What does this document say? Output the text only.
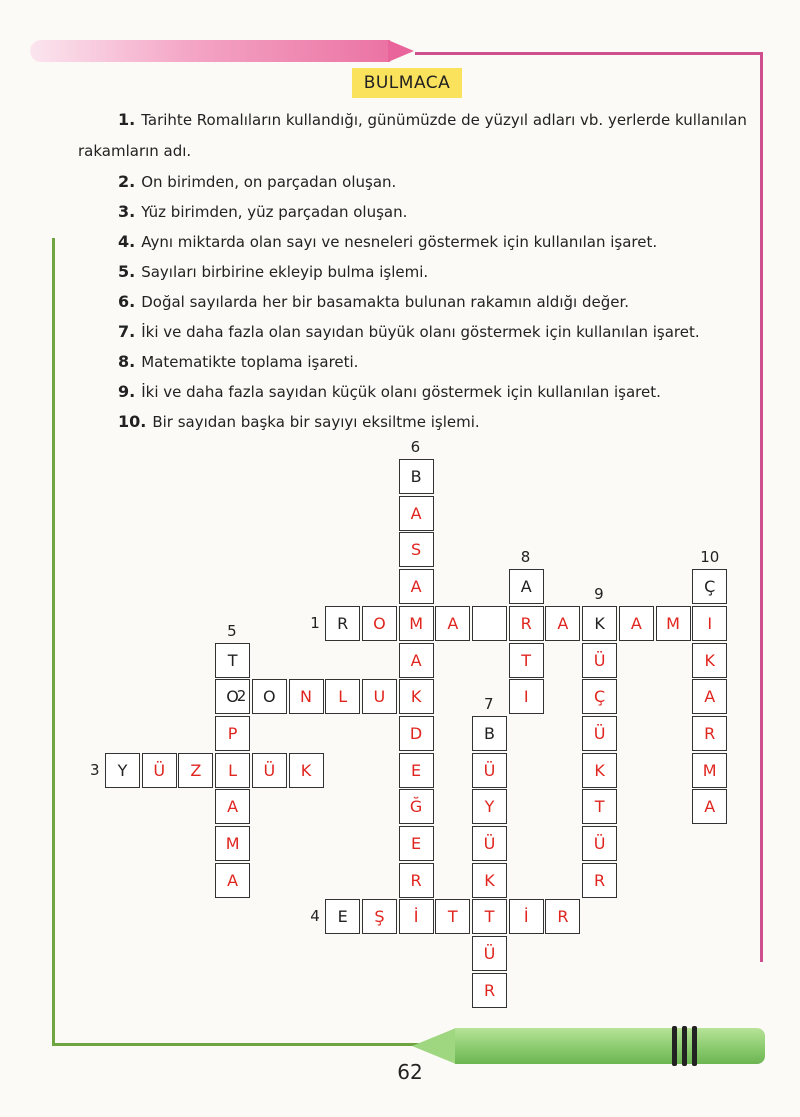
BULMACA
1. Tarihte Romalıların kullandığı, günümüzde de yüzyıl adları vb. yerlerde kullanılan rakamların adı.
2. On birimden, on parçadan oluşan.
3. Yüz birimden, yüz parçadan oluşan.
4. Aynı miktarda olan sayı ve nesneleri göstermek için kullanılan işaret.
5. Sayıları birbirine ekleyip bulma işlemi.
6. Doğal sayılarda her bir basamakta bulunan rakamın aldığı değer.
7. İki ve daha fazla olan sayıdan büyük olanı göstermek için kullanılan işaret.
8. Matematikte toplama işareti.
9. İki ve daha fazla sayıdan küçük olanı göstermek için kullanılan işaret.
10. Bir sayıdan başka bir sayıyı eksiltme işlemi.
R	O	M	A	R	A	K	A	M	I
O	N	L	U	K
Y	Ü	Z	L	Ü	K
E	Ş	İ	T	T	İ	R
T
O
P
A
M
A
B
A
S
A
A
D
E
Ğ
E
R
B
Ü
Y
Ü
K
Ü
R
A
T
I
Ü
Ç
Ü
K
T
Ü
R
Ç
K
A
R
M
A
1
2
3
4
5
6
7
8
9
10
62
